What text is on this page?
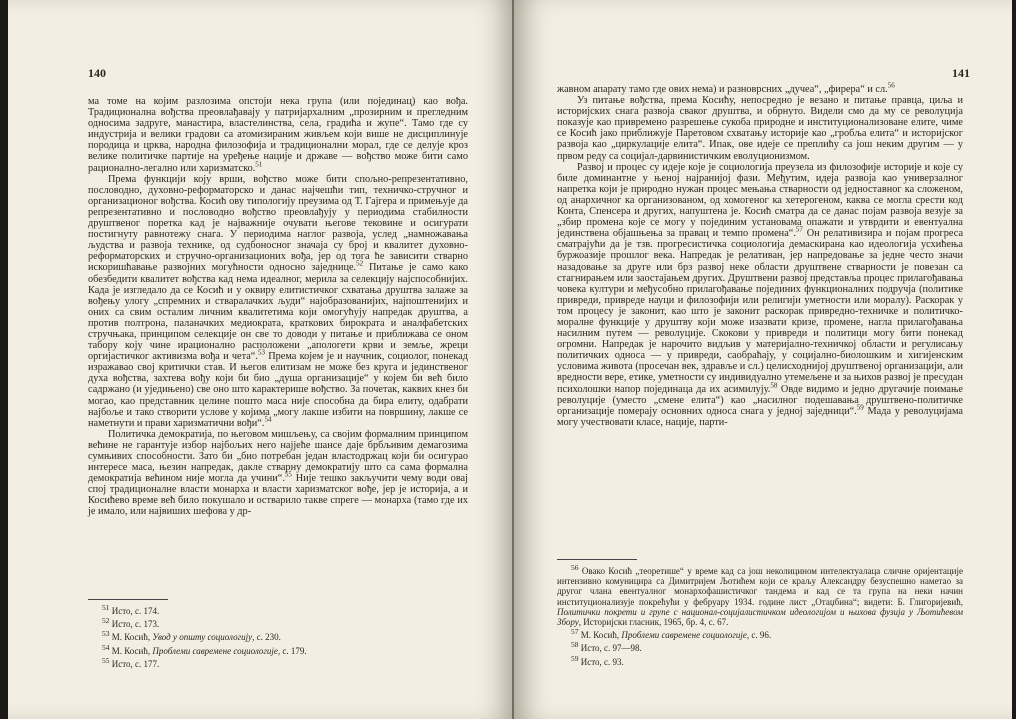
140

ма томе на којим разлозима опстоји нека група (или појединац) као вођа. Традиционална вођства преовлађавају у патријархалним „прозирним и прегледним односима задруге, манастира, властелинства, села, градића и жупе“. Тамо где су индустрија и велики градови са атомизираним живљем који више не дисциплинује породица и црква, народна филозофија и традиционални морал, где се делује кроз велике политичке партије на уређење нације и државе — вођство може бити само рационално-легално или харизматско.$^{51}$

Према функцији коју врши, вођство може бити спољно-репрезентативно, пословодно, духовно-реформаторско и данас најчешћи тип, техничко-стручног и организационог вођства. Косић ову типологију преузима од Т. Гајгера и примењује да репрезентативно и пословодно вођство преовлађују у периодима стабилности друштвеног поретка кад је најважније очувати његове тековине и осигурати постигнуту равнотежу снага. У периодима наглог развоја, услед „намножавања људства и развоја технике, од судбоносног значаја су број и квалитет духовно-реформаторских и стручно-организационих вођа, јер од тога ће зависити стварно искоришћавање развојних могућности односно заједнице.$^{52}$ Питање је само како обезбедити квалитет вођства кад нема идеалног, мерила за селекцију најспособнијих. Када је изгледало да се Косић и у оквиру елитистичког схватања друштва залаже за вођењу улогу „спремних и стваралачких људи“ најобразованијих, најпоштенијих и оних са свим осталим личним квалитетима који омогућују напредак друштва, а против полтрона, паланачких медиократа, краткових бирократа и аналфабетских стручњака, принципом селекције он све то доводи у питање и приближава се оном табору коју чине ирационално расположени „апологети крви и земље, жреци оргијастичког активизма вођа и чета“.$^{53}$ Према којем је и научник, социолог, понекад изражавао свој критички став. И његов елитизам не може без круга и јединственог духа вођства, захтева вођу који би био „душа организације“ у којем би већ било садржано (и уједињено) све оно што карактерише вођство. За почетак, каквих кнез би могао, као представник целине пошто маса није способна да бира елиту, одабрати најбоље и тако створити услове у којима „могу лакше избити на површину, лакше се наметнути и прави харизматични вођи“.$^{54}$

Политичка демократија, по његовом мишљењу, са својим формалним принципом већине не гарантује избор најбољих него најјеће шансе даје брбљивим демагозима сумњивих способности. Зато би „био потребан један властодржац који би осигурао интересе маса, њезин напредак, дакле стварну демократију што са сама формална демократија већином није могла да учини“.$^{55}$ Није тешко закључити чему води овај спој традиционалне власти монарха и власти харизматског вође, јер је историја, а и Косићево време већ било покушало и остварило такве спреге — монарха (тамо где их је имало, или највиших шефова у др-

$^{51}$ Исто, с. 174.

$^{52}$ Исто, с. 173.

$^{53}$ М. Косић, Увод у општу социологију, с. 230.

$^{54}$ М. Косић, Проблеми савремене социологије, с. 179.

$^{55}$ Исто, с. 177.

141

жавном апарату тамо где ових нема) и разноврсних „дучеа“, „фирера“ и сл.$^{56}$

Уз питање вођства, према Косићу, непосредно је везано и питање правца, циља и историјских снага развоја сваког друштва, и обрнуто. Видели смо да му се револуција показује као привремено разрешење сукоба природне и институционализоване елите, чиме се Косић јако приближује Паретовом схватању историје као „гробља елита“ и историјског развоја као „циркулације елита“. Ипак, ове идеје се преплићу са још неким другим — у првом реду са социјал-дарвинистичким еволуционизмом.

Развој и процес су идеје које је социологија преузела из филозофије историје и које су биле доминантне у њеној најранијој фази. Међутим, идеја развоја као универзалног напретка који је природно нужан процес мењања стварности од једноставног ка сложеном, од анархичног ка организованом, од хомогеног ка хетерогеном, каква се могла срести код Конта, Спенсера и других, напуштена је. Косић смaтра да се данас појам развоја везује за „збир промена које се могу у појединим установама опажати и утврдити и евентуална јединствена објашњења за правац и темпо промена“.$^{57}$ Он релативизира и појам прогреса сматрајући да је тзв. прогресистичка социологија демаскирана као идеологија усхићења буржоазије прошлог века. Напредак је релативан, јер напредовање за једне често значи назадовање за друге или брз развој неке области друштвене стварности је повезан са стагнирањем или заостајањем других. Друштвени развој представља процес прилагођавања човека култури и међусобно прилагођавање појединих функционалних подручја (политике привреди, привреде науци и филозофији или религији уметности или моралу). Раскорак у том процесу је законит, као што је законит раскорак привредно-техничке и политичко-моралне функције у друштву који може изазвати кризе, промене, нагла прилагођавања насилним путем — револуције. Скокови у привреди и политици могу бити понекад огромни. Напредак је нарочито видљив у материјално-техничкој области и регулисању политичких односа — у привреди, саобраћају, у социјално-биолошким и хигијенским условима живота (просечан век, здравље и сл.) целисходнијој друштвеној организацији, али вредности вере, етике, уметности су индивидуално утемељене и за њихов развој је пресудан психолошки напор појединаца да их асимилују.$^{58}$ Овде видимо и једно другачије поимање револуције (уместо „смене елита“) као „насилног подешавања друштвено-политичке организације померају основних односа снага у једној заједници“.$^{59}$ Мада у револуцијама могу учествовати класе, нације, парти-

$^{56}$ Овако Косић „теоретише“ у време кад са још неколицином интелектуалаца сличне оријентације интензивно комуницира са Димитријем Љотићем који се краљу Александру безуспешно наметао за другог члана евентуалног монархофашистичког тандема и кад се та група на неки начин институционализује покрећући у фебруару 1934. године лист „Отаџбина“; видети: Б. Глигоријевић, Политички покрети и групе с национал-социјалистичком идеологијом и њихова фузија у Љотићевом Збору, Историјски гласник, 1965, бр. 4, с. 67.

$^{57}$ М. Косић, Проблеми савремене социологије, с. 96.

$^{58}$ Исто, с. 97—98.

$^{59}$ Исто, с. 93.
